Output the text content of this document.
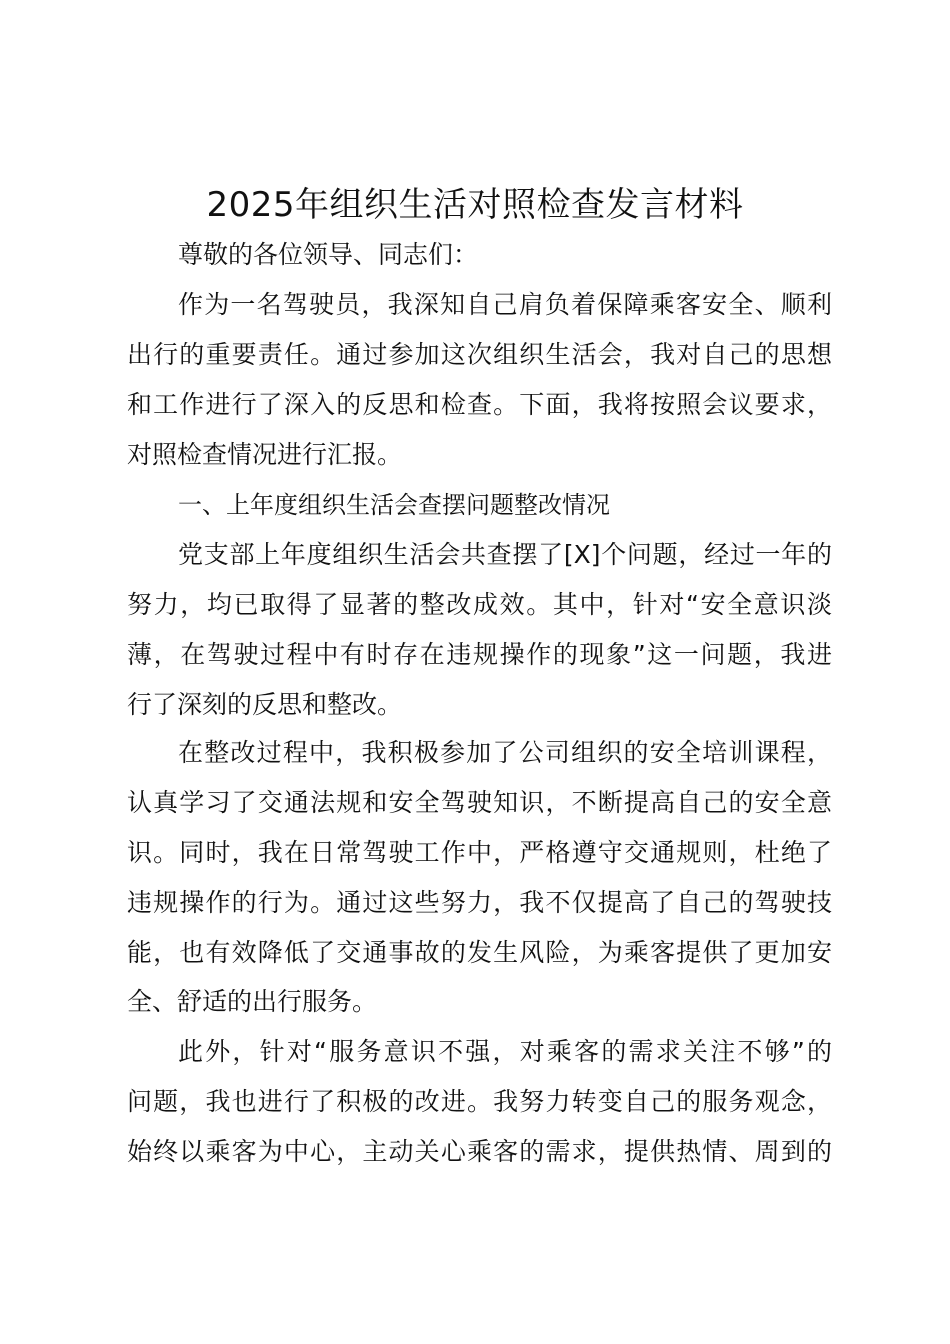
2025年组织生活对照检查发言材料
尊敬的各位领导、同志们：
作为一名驾驶员，我深知自己肩负着保障乘客安全、顺利
出行的重要责任。通过参加这次组织生活会，我对自己的思想
和工作进行了深入的反思和检查。下面，我将按照会议要求，
对照检查情况进行汇报。
一、上年度组织生活会查摆问题整改情况
党支部上年度组织生活会共查摆了[X]个问题，经过一年的
努力，均已取得了显著的整改成效。其中，针对“安全意识淡
薄，在驾驶过程中有时存在违规操作的现象”这一问题，我进
行了深刻的反思和整改。
在整改过程中，我积极参加了公司组织的安全培训课程，
认真学习了交通法规和安全驾驶知识，不断提高自己的安全意
识。同时，我在日常驾驶工作中，严格遵守交通规则，杜绝了
违规操作的行为。通过这些努力，我不仅提高了自己的驾驶技
能，也有效降低了交通事故的发生风险，为乘客提供了更加安
全、舒适的出行服务。
此外，针对“服务意识不强，对乘客的需求关注不够”的
问题，我也进行了积极的改进。我努力转变自己的服务观念，
始终以乘客为中心，主动关心乘客的需求，提供热情、周到的
